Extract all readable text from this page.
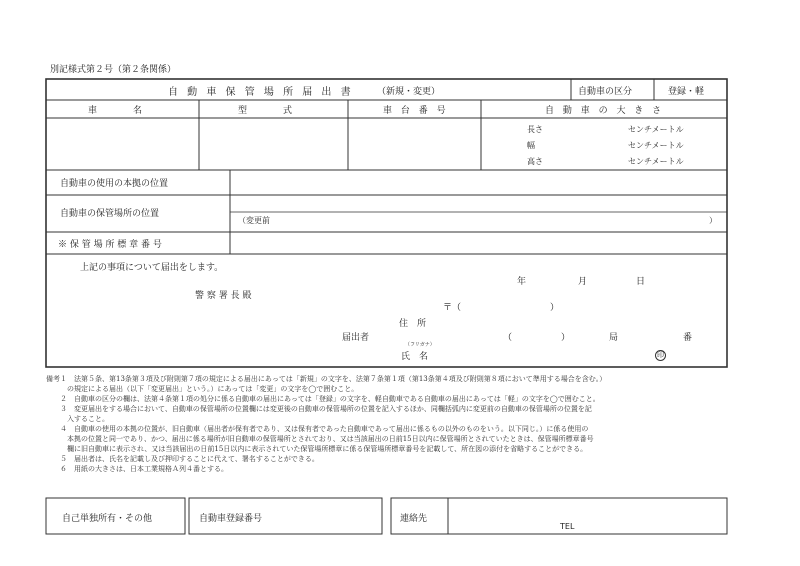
別記様式第２号（第２条関係）
自 動 車 保 管 場 所 届 出 書	（新規・変更）	自動車の区分	登録・軽
車　　　　名	型　　　　式	車 台 番 号	自 動 車 の 大 き さ
長さ	センチメートル
幅	センチメートル
高さ	センチメートル
自動車の使用の本拠の位置
自動車の保管場所の位置
（変更前	）
※ 保 管 場 所 標 章 番 号
上記の事項について届出をします。
年	月	日
警 察 署 長 殿
〒（	）
住　所
届出者	（	）	局	番
（フリガナ）
氏　名	印
備考１　法第５条、第13条第３項及び附則第７項の規定による届出にあっては「新規」の文字を、法第７条第１項（第13条第４項及び附則第８項において準用する場合を含む。）
　　　の規定による届出（以下「変更届出」という。）にあっては「変更」の文字を◯で囲むこと。
　　２　自動車の区分の欄は、法第４条第１項の処分に係る自動車の届出にあっては「登録」の文字を、軽自動車である自動車の届出にあっては「軽」の文字を◯で囲むこと。
　　３　変更届出をする場合において、自動車の保管場所の位置欄には変更後の自動車の保管場所の位置を記入するほか、同欄括弧内に変更前の自動車の保管場所の位置を記
　　　入すること。
　　４　自動車の使用の本拠の位置が、旧自動車（届出者が保有者であり、又は保有者であった自動車であって届出に係るもの以外のものをいう。以下同じ。）に係る使用の
　　　本拠の位置と同一であり、かつ、届出に係る場所が旧自動車の保管場所とされており、又は当該届出の日前15日以内に保管場所とされていたときは、保管場所標章番号
　　　欄に旧自動車に表示され、又は当該届出の日前15日以内に表示されていた保管場所標章に係る保管場所標章番号を記載して、所在図の添付を省略することができる。
　　５　届出者は、氏名を記載し及び押印することに代えて、署名することができる。
　　６　用紙の大きさは、日本工業規格Ａ列４番とする。
自己単独所有・その他	自動車登録番号	連絡先
TEL
